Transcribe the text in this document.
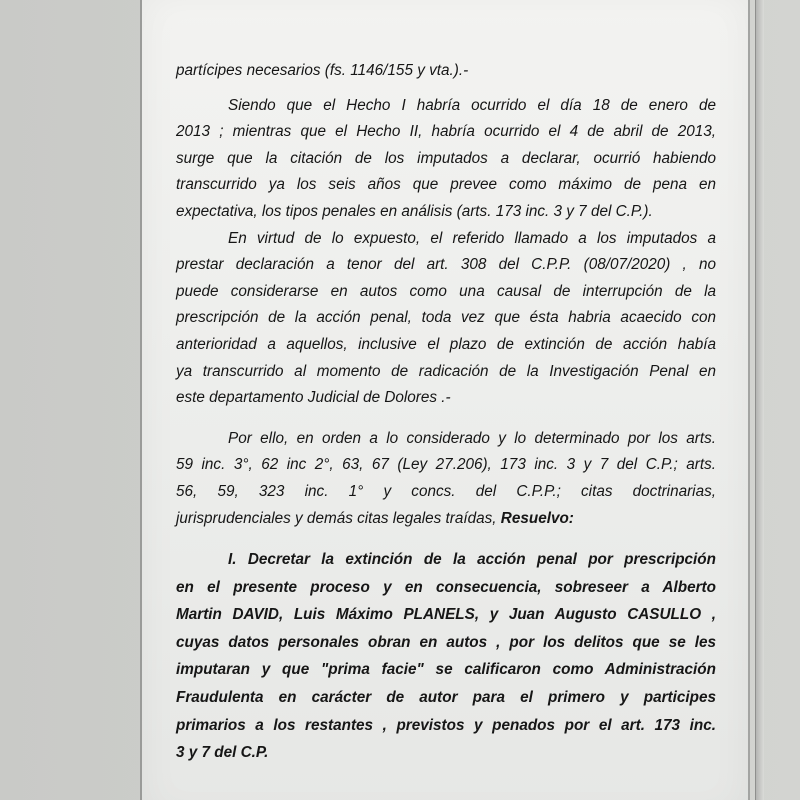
partícipes necesarios (fs. 1146/155 y vta.).-
Siendo que el Hecho I habría ocurrido el día 18 de enero de
2013 ; mientras que el Hecho II, habría ocurrido el 4 de abril de 2013,
surge que la citación de los imputados a declarar, ocurrió habiendo
transcurrido ya los seis años que prevee como máximo de pena en
expectativa, los tipos penales en análisis (arts. 173 inc. 3 y 7 del C.P.).
En virtud de lo expuesto, el referido llamado a los imputados a
prestar declaración a tenor del art. 308 del C.P.P. (08/07/2020) , no
puede considerarse en autos como una causal de interrupción de la
prescripción de la acción penal, toda vez que ésta habria acaecido con
anterioridad a aquellos, inclusive el plazo de extinción de acción había
ya transcurrido al momento de radicación de la Investigación Penal en
este departamento Judicial de Dolores .-
Por ello, en orden a lo considerado y lo determinado por los arts.
59 inc. 3°, 62 inc 2°, 63, 67 (Ley 27.206), 173 inc. 3 y 7 del C.P.; arts.
56, 59, 323 inc. 1° y concs. del C.P.P.; citas doctrinarias,
jurisprudenciales y demás citas legales traídas, Resuelvo:
I. Decretar la extinción de la acción penal por prescripción
en el presente proceso y en consecuencia, sobreseer a Alberto
Martin DAVID, Luis Máximo PLANELS, y Juan Augusto CASULLO ,
cuyas datos personales obran en autos , por los delitos que se les
imputaran y que "prima facie" se calificaron como Administración
Fraudulenta en carácter de autor para el primero y participes
primarios a los restantes , previstos y penados por el art. 173 inc.
3 y 7 del C.P.
